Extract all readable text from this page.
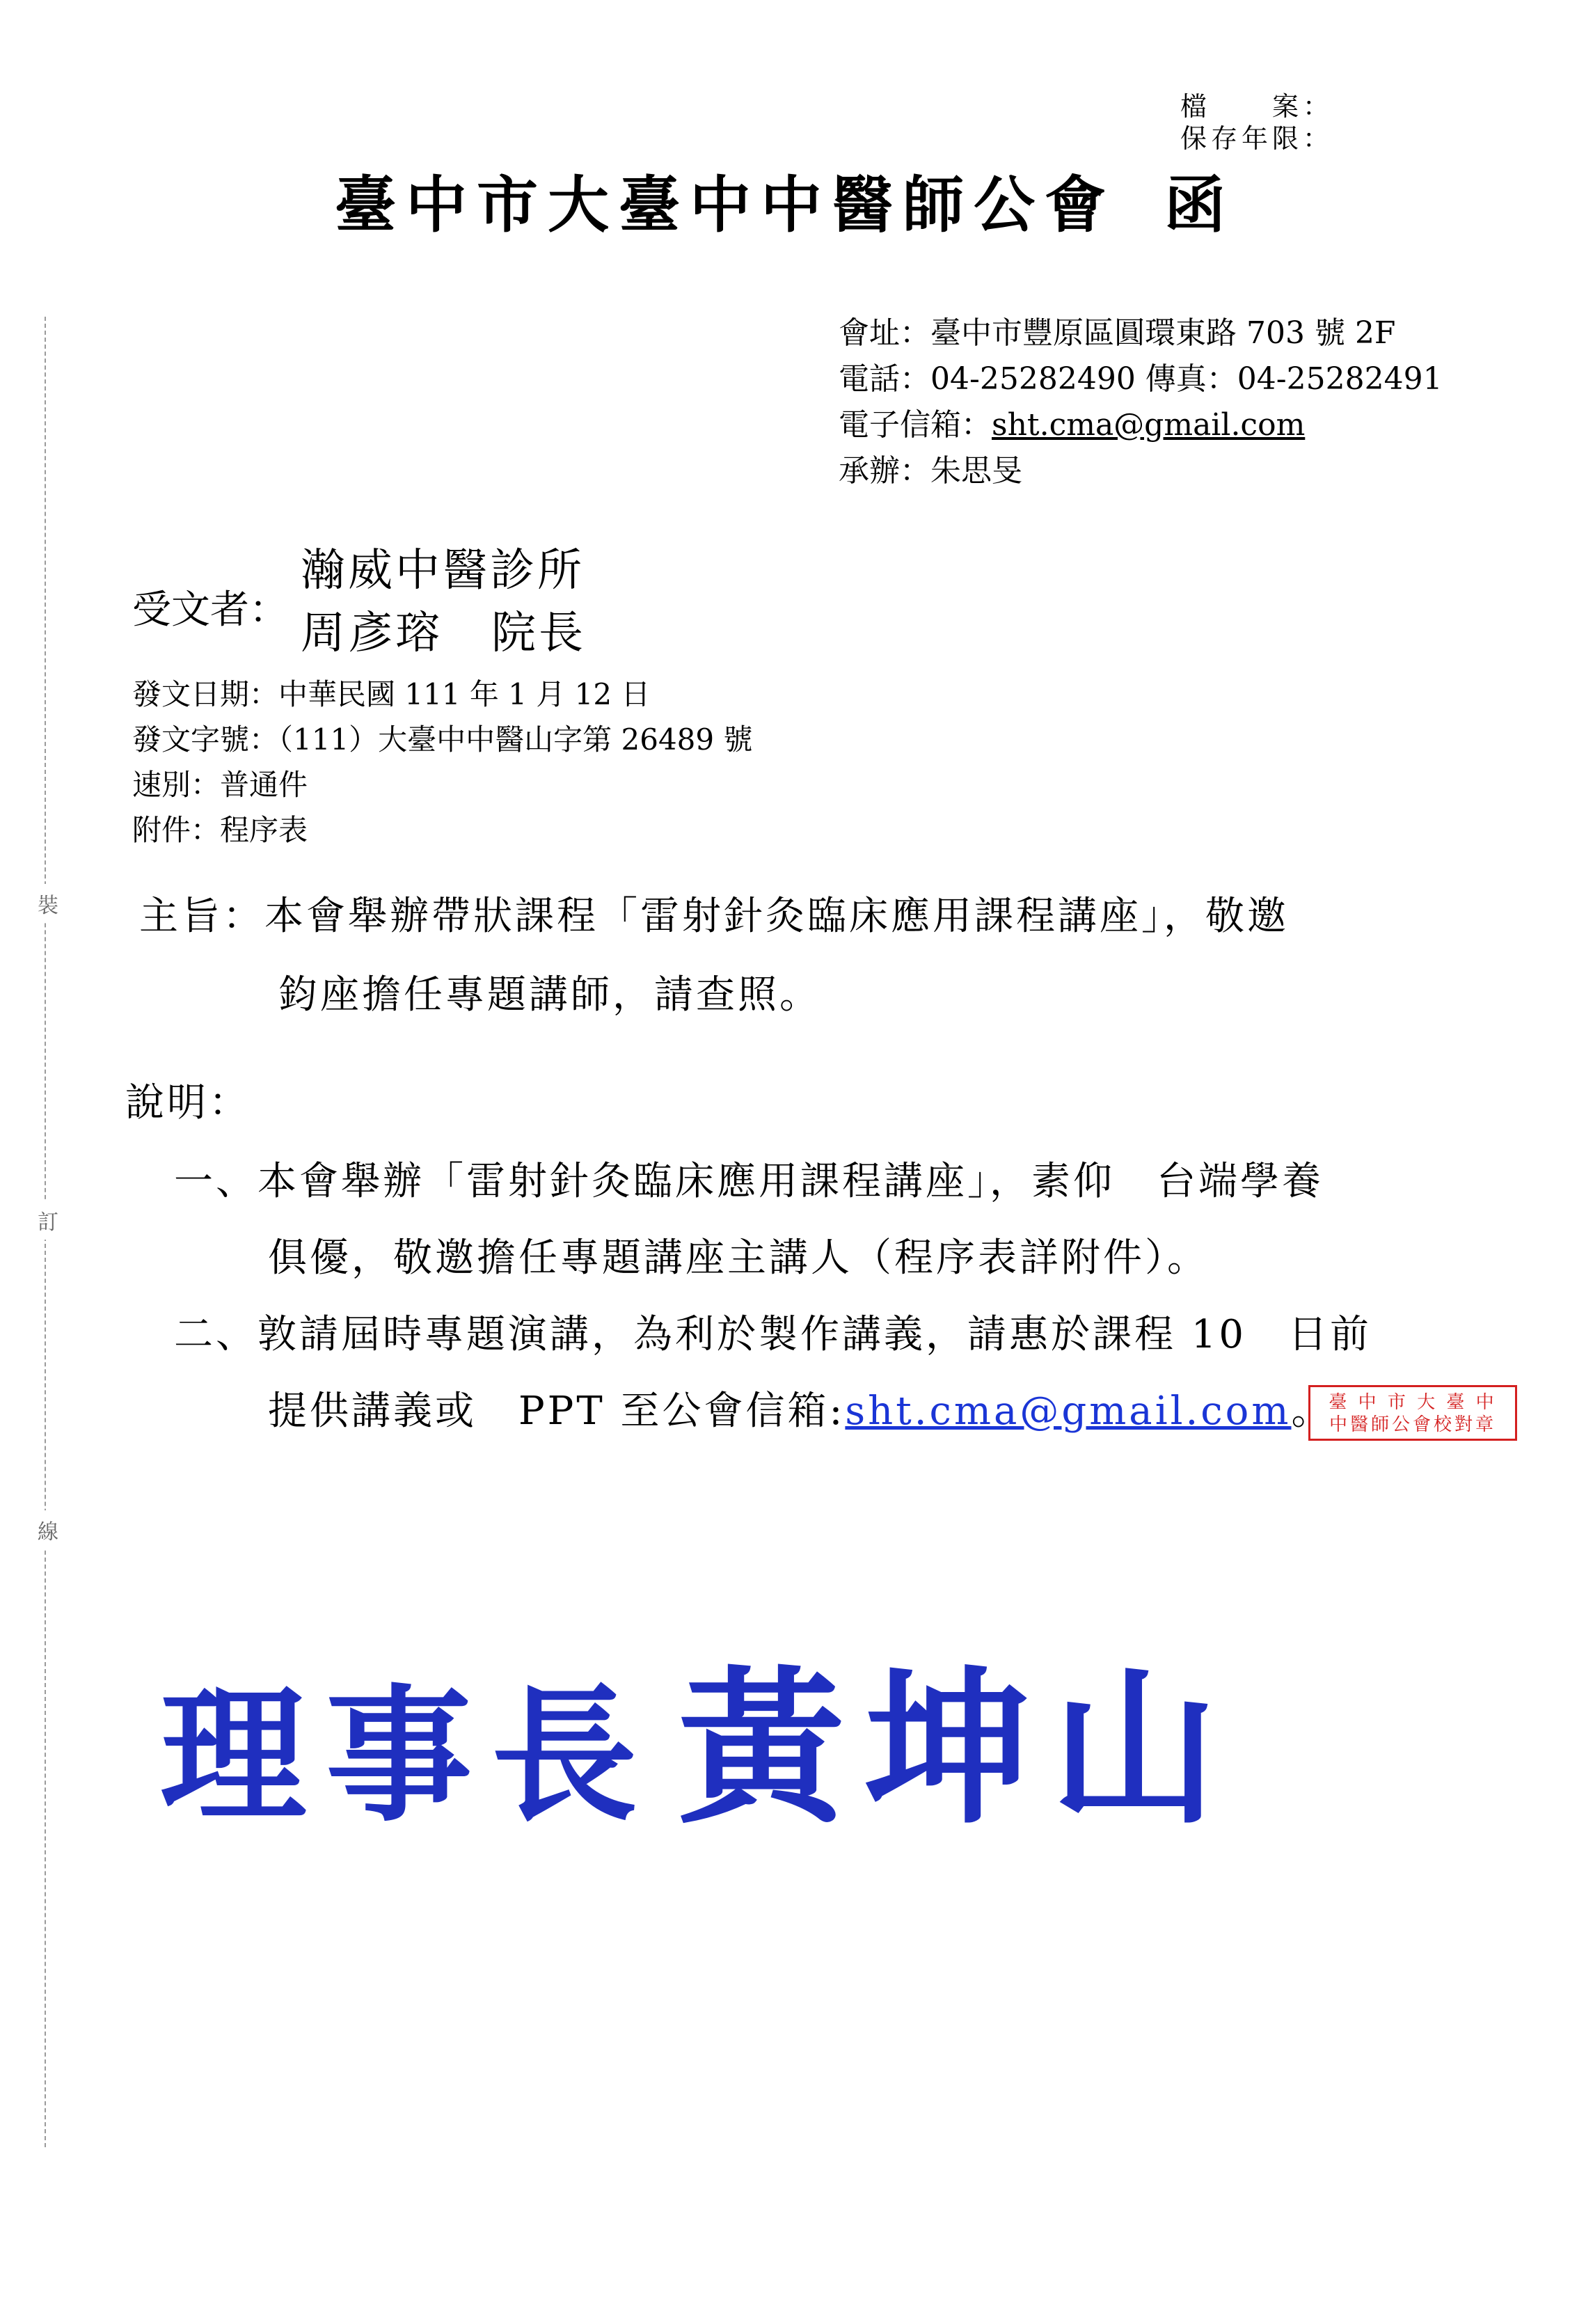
裝
訂
線
檔　　案：
保存年限：
臺中市大臺中中醫師公會 函
會址：臺中市豐原區圓環東路 703 號 2F
電話：04-25282490 傳真：04-25282491
電子信箱：sht.cma@gmail.com
承辦：朱思旻
受文者：
瀚威中醫診所
周彥瑢 院長
發文日期：中華民國 111 年 1 月 12 日
發文字號：（111）大臺中中醫山字第 26489 號
速別：普通件
附件：程序表
主旨：本會舉辦帶狀課程「雷射針灸臨床應用課程講座」，敬邀
鈞座擔任專題講師，請查照。
說明：
一、本會舉辦「雷射針灸臨床應用課程講座」，素仰　台端學養
俱優，敬邀擔任專題講座主講人（程序表詳附件）。
二、敦請屆時專題演講，為利於製作講義，請惠於課程 10　日前
提供講義或　PPT 至公會信箱:sht.cma@gmail.com。
臺 中 市 大 臺 中
中醫師公會校對章
理事長 黃坤山
